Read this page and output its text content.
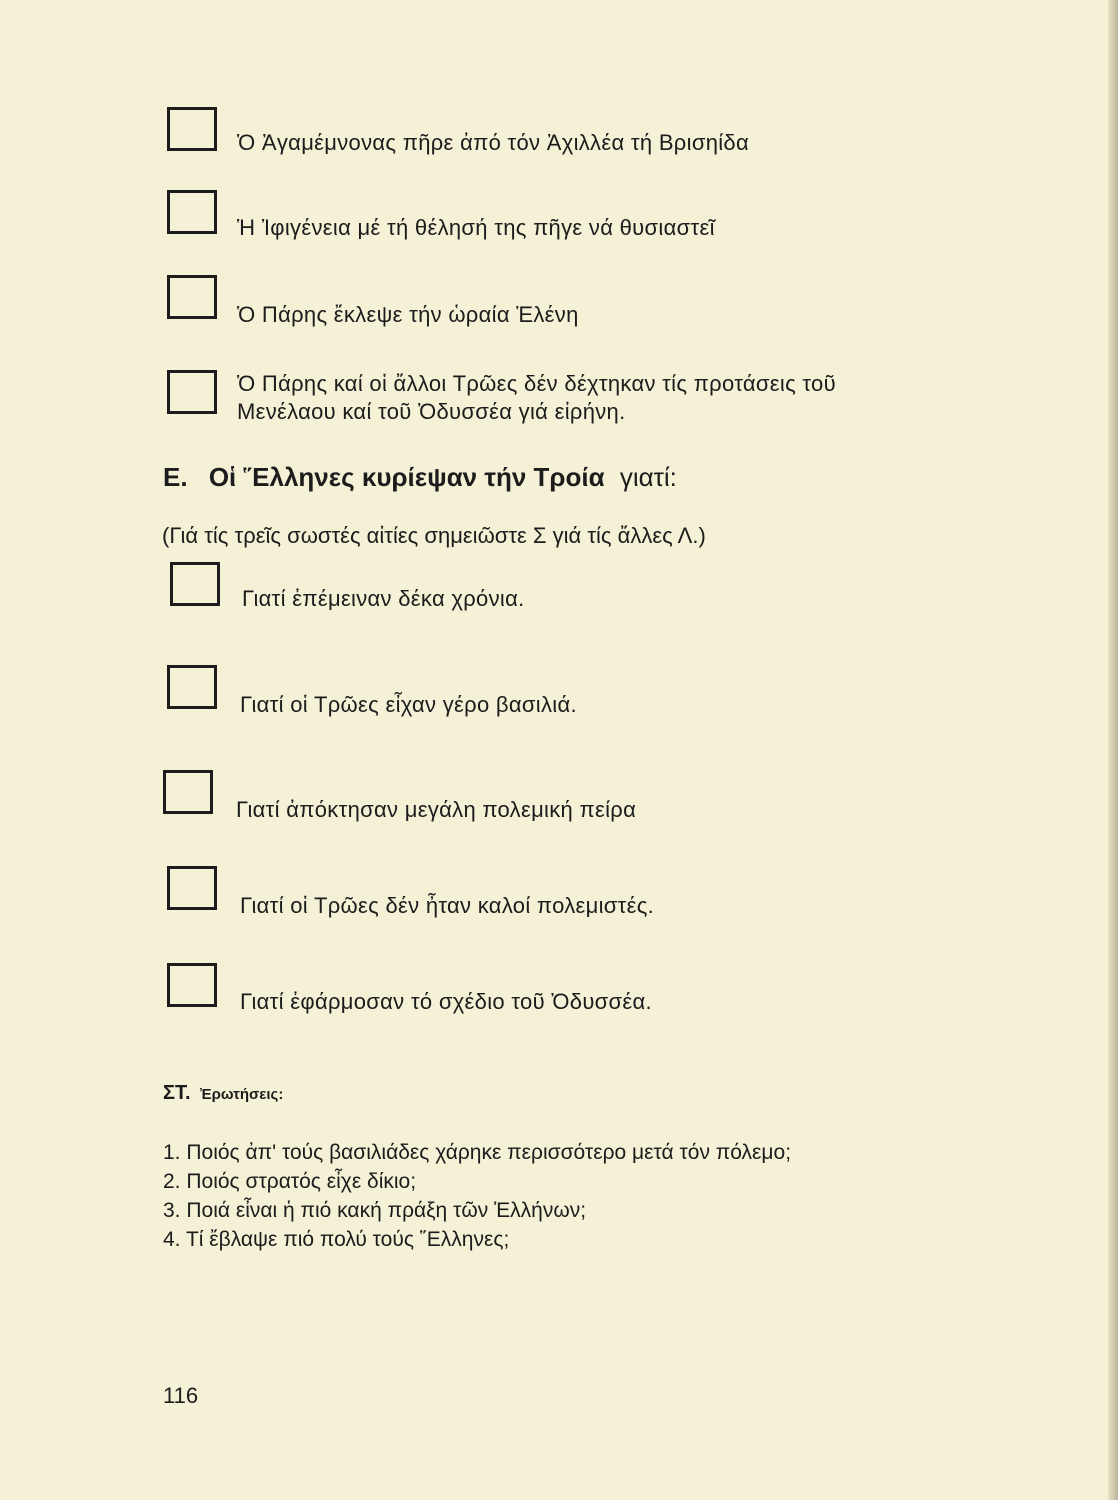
Ὁ Ἀγαμέμνονας πῆρε ἀπό τόν Ἀχιλλέα τή Βρισηίδα
Ἡ Ἰφιγένεια μέ τή θέλησή της πῆγε νά θυσιαστεῖ
Ὁ Πάρης ἔκλεψε τήν ὡραία Ἑλένη
Ὁ Πάρης καί οἱ ἄλλοι Τρῶες δέν δέχτηκαν τίς προτάσεις τοῦ
Μενέλαου καί τοῦ Ὀδυσσέα γιά εἰρήνη.
Ε. Οἱ ῞Ελληνες κυρίεψαν τήν Τροία γιατί:
(Γιά τίς τρεῖς σωστές αἰτίες σημειῶστε Σ γιά τίς ἄλλες Λ.)
Γιατί ἐπέμειναν δέκα χρόνια.
Γιατί οἱ Τρῶες εἶχαν γέρο βασιλιά.
Γιατί ἀπόκτησαν μεγάλη πολεμική πείρα
Γιατί οἱ Τρῶες δέν ἦταν καλοί πολεμιστές.
Γιατί ἐφάρμοσαν τό σχέδιο τοῦ Ὀδυσσέα.
ΣΤ. Ἐρωτήσεις:
1. Ποιός ἀπ' τούς βασιλιάδες χάρηκε περισσότερο μετά τόν πόλεμο;
2. Ποιός στρατός εἶχε δίκιο;
3. Ποιά εἶναι ἡ πιό κακή πράξη τῶν Ἑλλήνων;
4. Τί ἔβλαψε πιό πολύ τούς ῞Ελληνες;
116
